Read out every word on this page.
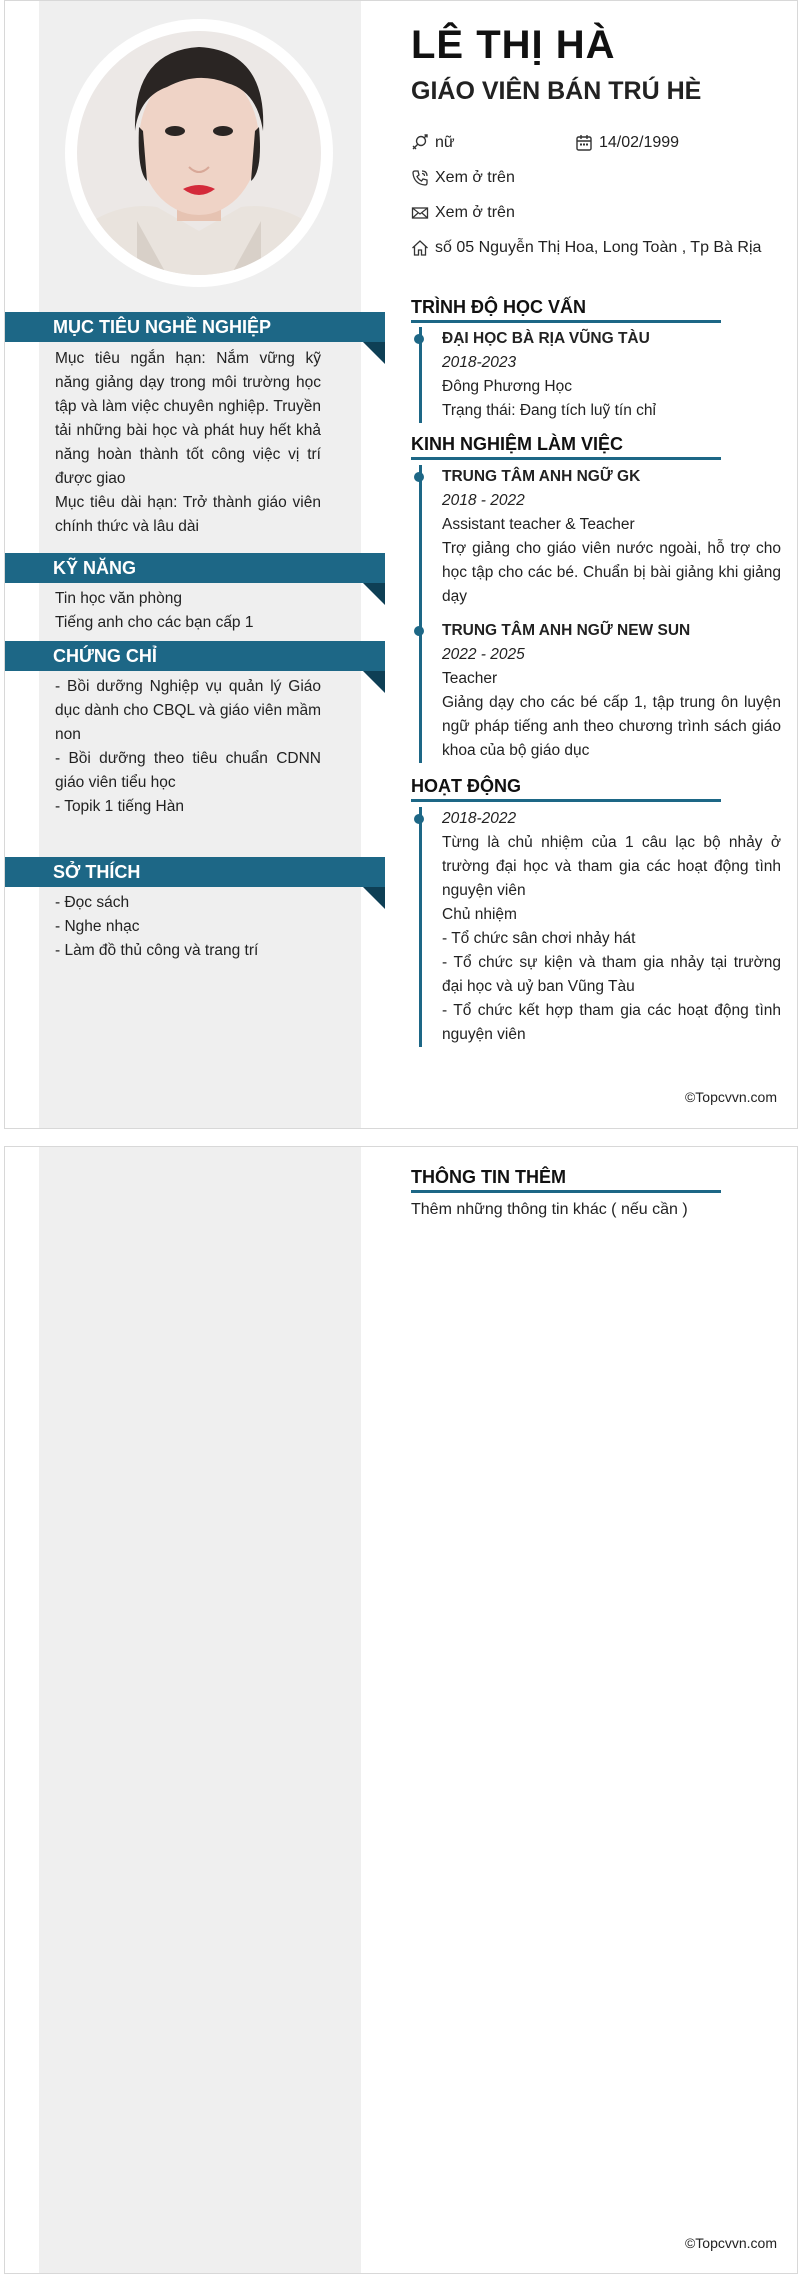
LÊ THỊ HÀ
GIÁO VIÊN BÁN TRÚ HÈ
nữ	14/02/1999
Xem ở trên
Xem ở trên
số 05 Nguyễn Thị Hoa, Long Toàn , Tp Bà Rịa
MỤC TIÊU NGHỀ NGHIỆP

Mục tiêu ngắn hạn: Nắm vững kỹ năng giảng dạy trong môi trường học tập và làm việc chuyên nghiệp. Truyền tải những bài học và phát huy hết khả năng hoàn thành tốt công việc vị trí được giao

Mục tiêu dài hạn: Trở thành giáo viên chính thức và lâu dài

KỸ NĂNG

Tin học văn phòng

Tiếng anh cho các bạn cấp 1

CHỨNG CHỈ

- Bồi dưỡng Nghiệp vụ quản lý Giáo dục dành cho CBQL và giáo viên mầm non

- Bồi dưỡng theo tiêu chuẩn CDNN giáo viên tiểu học

- Topik 1 tiếng Hàn

SỞ THÍCH

- Đọc sách

- Nghe nhạc

- Làm đồ thủ công và trang trí

TRÌNH ĐỘ HỌC VẤN

ĐẠI HỌC BÀ RỊA VŨNG TÀU

2018-2023

Đông Phương Học

Trạng thái: Đang tích luỹ tín chỉ

KINH NGHIỆM LÀM VIỆC

TRUNG TÂM ANH NGỮ GK

2018 - 2022

Assistant teacher & Teacher

Trợ giảng cho giáo viên nước ngoài, hỗ trợ cho học tập cho các bé. Chuẩn bị bài giảng khi giảng dạy

TRUNG TÂM ANH NGỮ NEW SUN

2022 - 2025

Teacher

Giảng dạy cho các bé cấp 1, tập trung ôn luyện ngữ pháp tiếng anh theo chương trình sách giáo khoa của bộ giáo dục

HOẠT ĐỘNG

2018-2022

Từng là chủ nhiệm của 1 câu lạc bộ nhảy ở trường đại học và tham gia các hoạt động tình nguyện viên

Chủ nhiệm

- Tổ chức sân chơi nhảy hát

- Tổ chức sự kiện và tham gia nhảy tại trường đại học và uỷ ban Vũng Tàu

- Tổ chức kết hợp tham gia các hoạt động tình nguyện viên

©Topcvvn.com
THÔNG TIN THÊM
Thêm những thông tin khác ( nếu cần )
©Topcvvn.com
